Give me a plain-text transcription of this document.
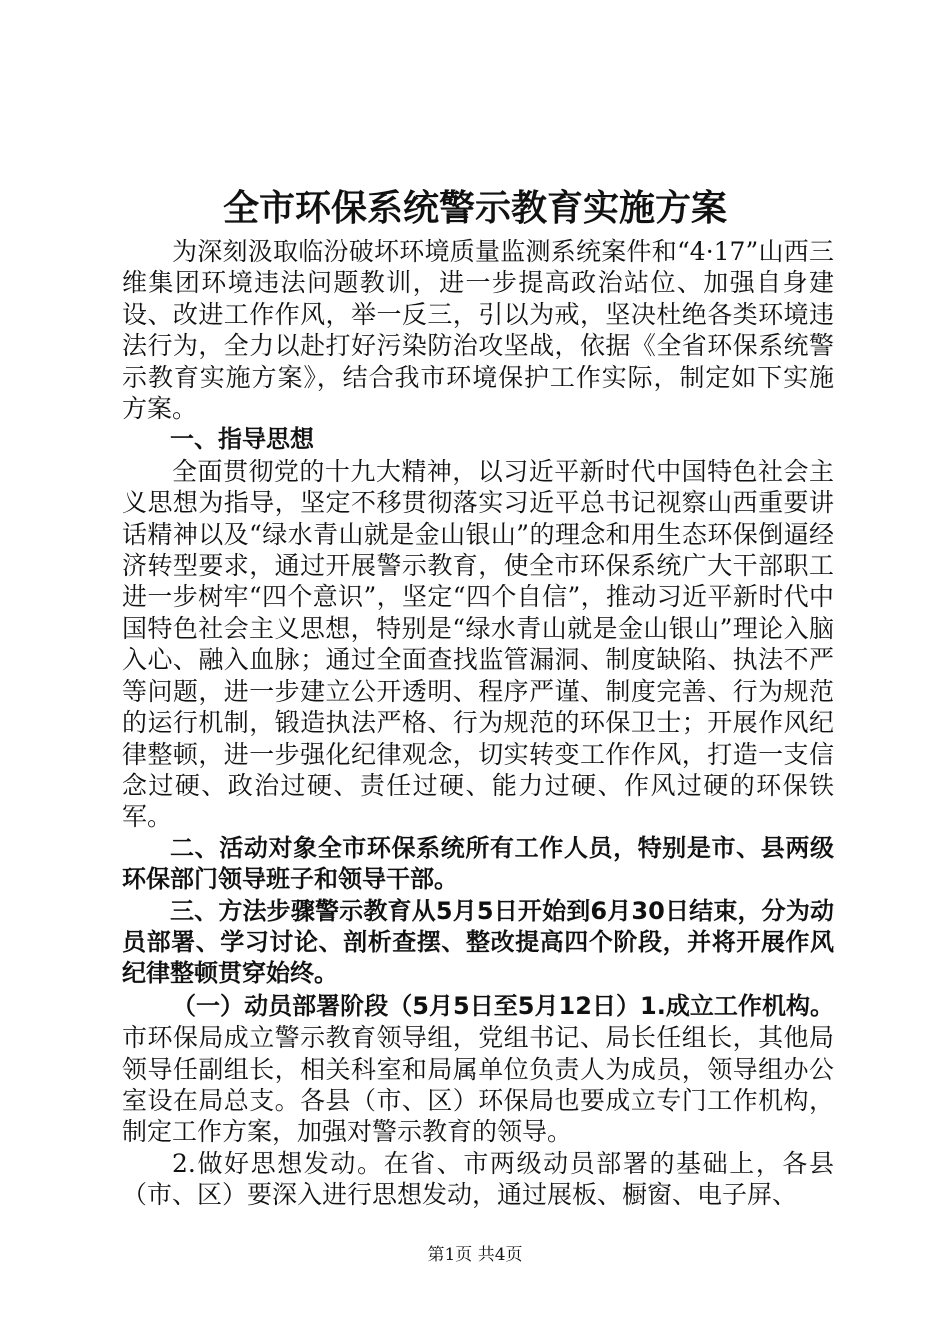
全市环保系统警示教育实施方案

为深刻汲取临汾破坏环境质量监测系统案件和“4·17”山西三维集团环境违法问题教训，进一步提高政治站位、加强自身建设、改进工作作风，举一反三，引以为戒，坚决杜绝各类环境违法行为，全力以赴打好污染防治攻坚战，依据《全省环保系统警示教育实施方案》，结合我市环境保护工作实际，制定如下实施方案。

一、指导思想

全面贯彻党的十九大精神，以习近平新时代中国特色社会主义思想为指导，坚定不移贯彻落实习近平总书记视察山西重要讲话精神以及“绿水青山就是金山银山”的理念和用生态环保倒逼经济转型要求，通过开展警示教育，使全市环保系统广大干部职工进一步树牢“四个意识”，坚定“四个自信”，推动习近平新时代中国特色社会主义思想，特别是“绿水青山就是金山银山”理论入脑入心、融入血脉；通过全面查找监管漏洞、制度缺陷、执法不严等问题，进一步建立公开透明、程序严谨、制度完善、行为规范的运行机制，锻造执法严格、行为规范的环保卫士；开展作风纪律整顿，进一步强化纪律观念，切实转变工作作风，打造一支信念过硬、政治过硬、责任过硬、能力过硬、作风过硬的环保铁军。

二、活动对象全市环保系统所有工作人员，特别是市、县两级环保部门领导班子和领导干部。

三、方法步骤警示教育从5月5日开始到6月30日结束，分为动员部署、学习讨论、剖析查摆、整改提高四个阶段，并将开展作风纪律整顿贯穿始终。

（一）动员部署阶段（5月5日至5月12日）1.成立工作机构。市环保局成立警示教育领导组，党组书记、局长任组长，其他局领导任副组长，相关科室和局属单位负责人为成员，领导组办公室设在局总支。各县（市、区）环保局也要成立专门工作机构，制定工作方案，加强对警示教育的领导。

2.做好思想发动。在省、市两级动员部署的基础上，各县（市、区）要深入进行思想发动，通过展板、橱窗、电子屏、

第1页 共4页
